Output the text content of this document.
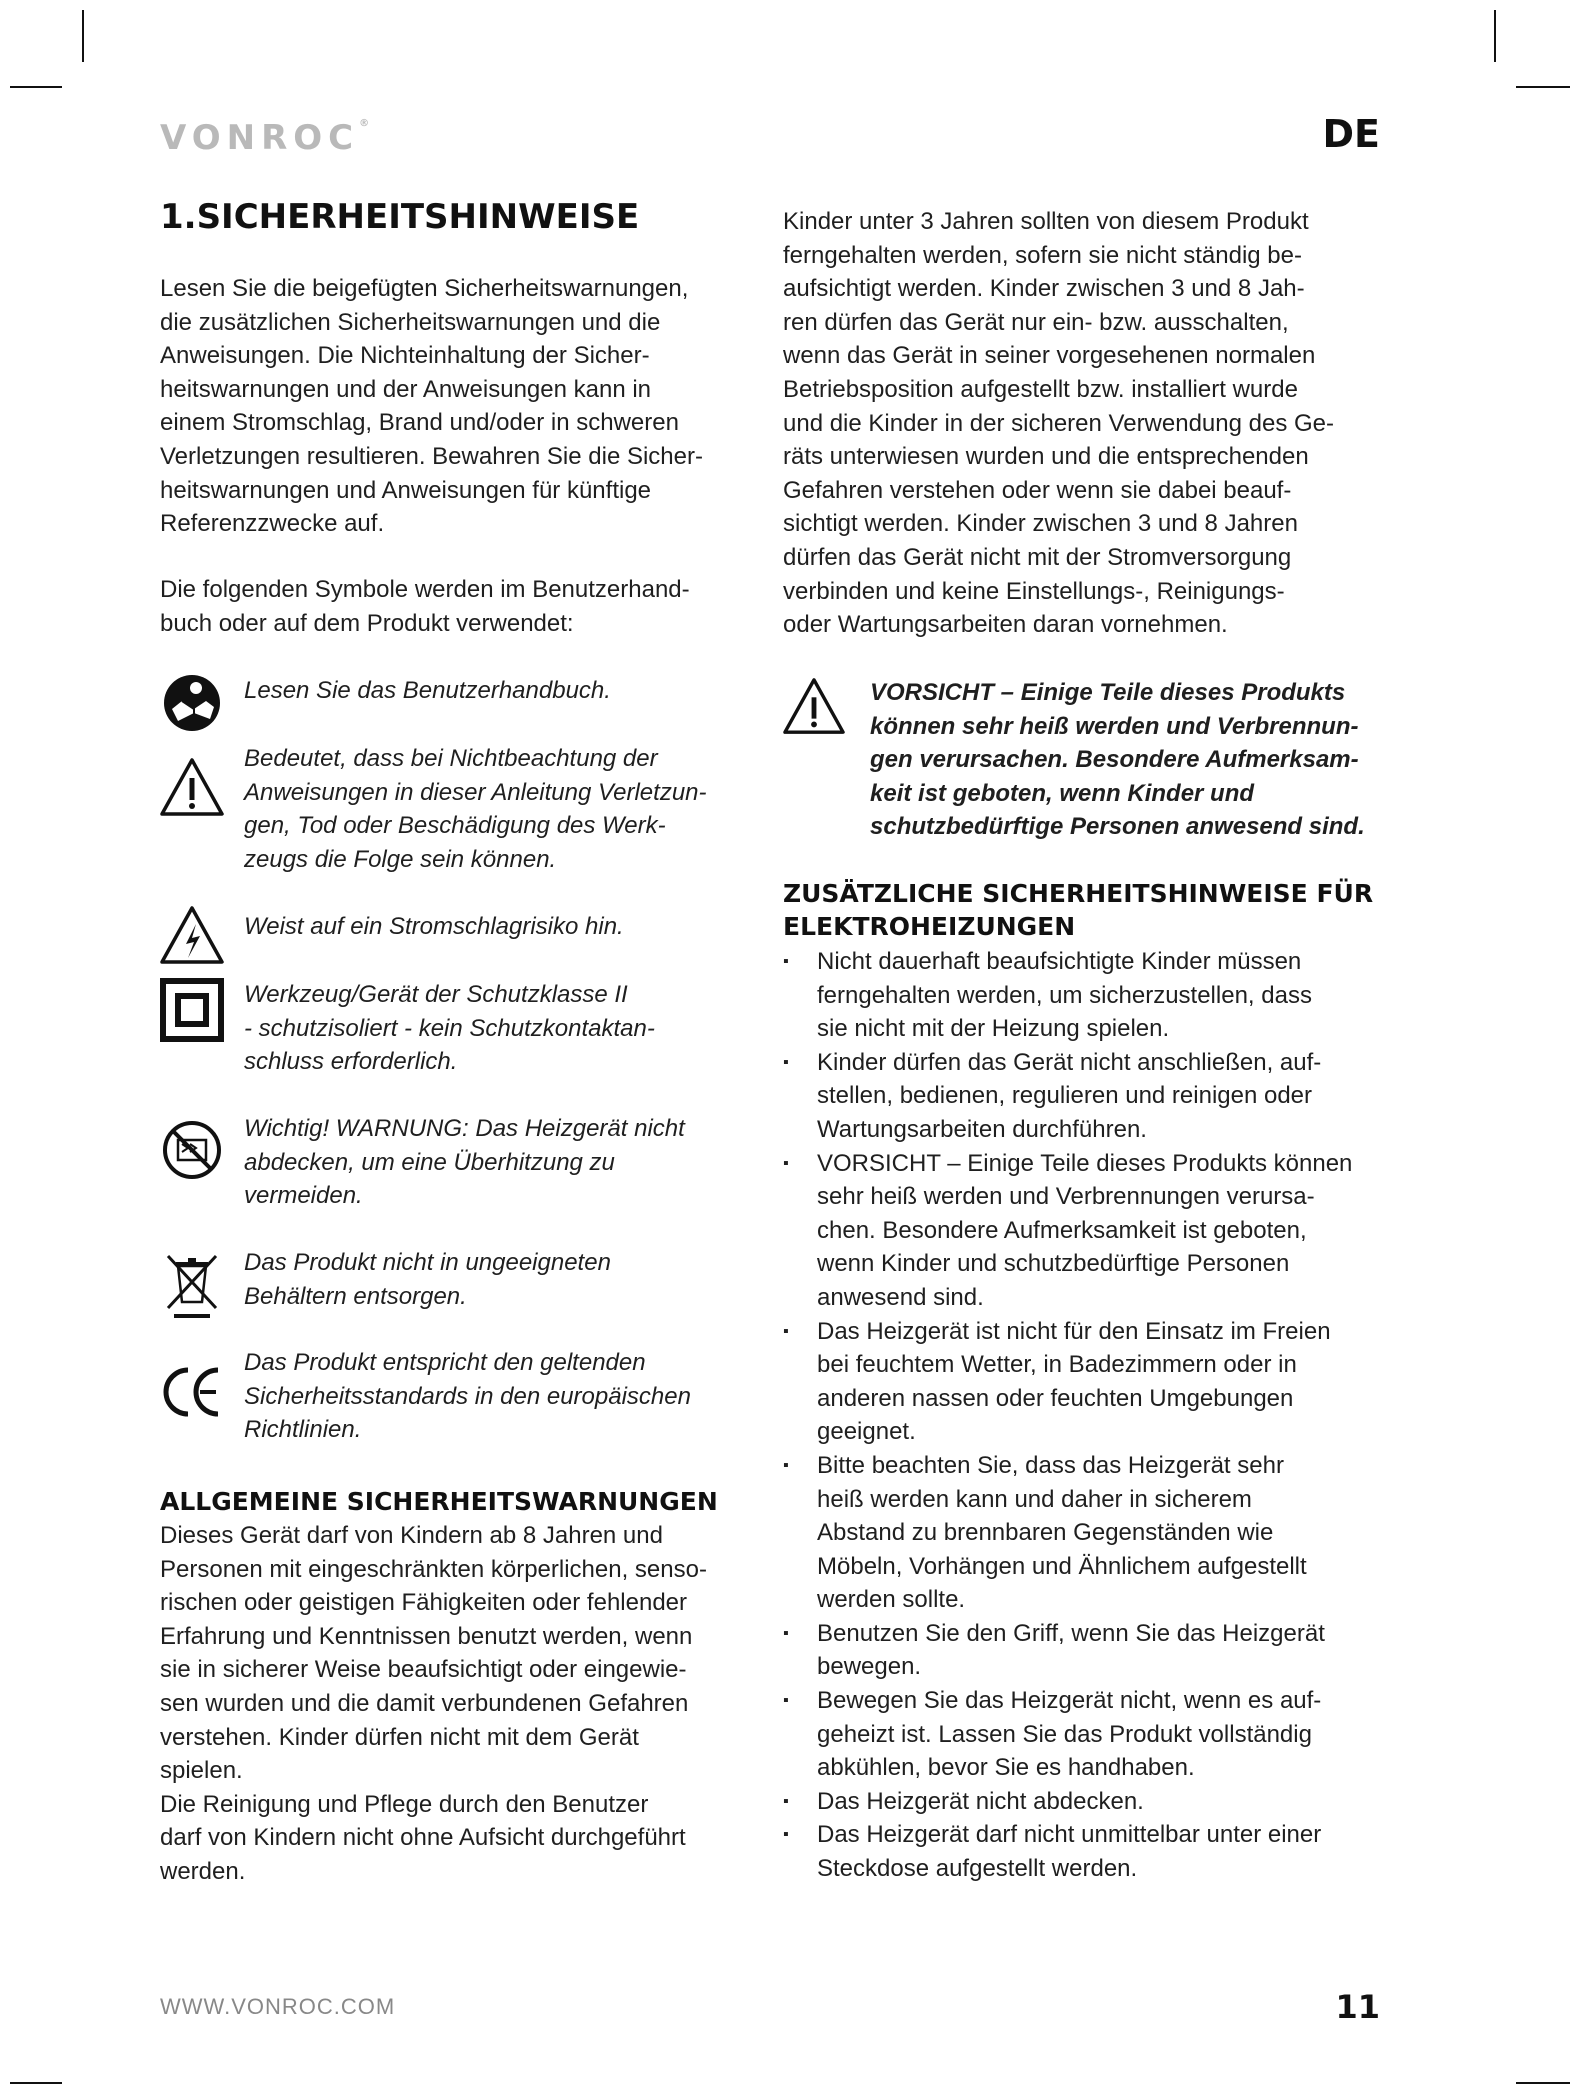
VONROC®	DE
1.SICHERHEITSHINWEISE

Lesen Sie die beigefügten Sicherheitswarnungen,
die zusätzlichen Sicherheitswarnungen und die
Anweisungen. Die Nichteinhaltung der Sicher-
heitswarnungen und der Anweisungen kann in
einem Stromschlag, Brand und/oder in schweren
Verletzungen resultieren. Bewahren Sie die Sicher-
heitswarnungen und Anweisungen für künftige
Referenzzwecke auf.

Die folgenden Symbole werden im Benutzerhand-
buch oder auf dem Produkt verwendet:

Lesen Sie das Benutzerhandbuch.
Bedeutet, dass bei Nichtbeachtung der
Anweisungen in dieser Anleitung Verletzun-
gen, Tod oder Beschädigung des Werk-
zeugs die Folge sein können.
Weist auf ein Stromschlagrisiko hin.
Werkzeug/Gerät der Schutzklasse II
- schutzisoliert - kein Schutzkontaktan-
schluss erforderlich.
Wichtig! WARNUNG: Das Heizgerät nicht
abdecken, um eine Überhitzung zu
vermeiden.
Das Produkt nicht in ungeeigneten
Behältern entsorgen.
Das Produkt entspricht den geltenden
Sicherheitsstandards in den europäischen
Richtlinien.
ALLGEMEINE SICHERHEITSWARNUNGEN

Dieses Gerät darf von Kindern ab 8 Jahren und
Personen mit eingeschränkten körperlichen, senso-
rischen oder geistigen Fähigkeiten oder fehlender
Erfahrung und Kenntnissen benutzt werden, wenn
sie in sicherer Weise beaufsichtigt oder eingewie-
sen wurden und die damit verbundenen Gefahren
verstehen. Kinder dürfen nicht mit dem Gerät
spielen.
Die Reinigung und Pflege durch den Benutzer
darf von Kindern nicht ohne Aufsicht durchgeführt
werden.

Kinder unter 3 Jahren sollten von diesem Produkt
ferngehalten werden, sofern sie nicht ständig be-
aufsichtigt werden. Kinder zwischen 3 und 8 Jah-
ren dürfen das Gerät nur ein- bzw. ausschalten,
wenn das Gerät in seiner vorgesehenen normalen
Betriebsposition aufgestellt bzw. installiert wurde
und die Kinder in der sicheren Verwendung des Ge-
räts unterwiesen wurden und die entsprechenden
Gefahren verstehen oder wenn sie dabei beauf-
sichtigt werden. Kinder zwischen 3 und 8 Jahren
dürfen das Gerät nicht mit der Stromversorgung
verbinden und keine Einstellungs-, Reinigungs-
oder Wartungsarbeiten daran vornehmen.

VORSICHT – Einige Teile dieses Produkts
können sehr heiß werden und Verbrennun-
gen verursachen. Besondere Aufmerksam-
keit ist geboten, wenn Kinder und
schutzbedürftige Personen anwesend sind.
ZUSÄTZLICHE SICHERHEITSHINWEISE FÜR
ELEKTROHEIZUNGEN
▪ Nicht dauerhaft beaufsichtigte Kinder müssen
ferngehalten werden, um sicherzustellen, dass
sie nicht mit der Heizung spielen.
▪ Kinder dürfen das Gerät nicht anschließen, auf-
stellen, bedienen, regulieren und reinigen oder
Wartungsarbeiten durchführen.
▪ VORSICHT – Einige Teile dieses Produkts können
sehr heiß werden und Verbrennungen verursa-
chen. Besondere Aufmerksamkeit ist geboten,
wenn Kinder und schutzbedürftige Personen
anwesend sind.
▪ Das Heizgerät ist nicht für den Einsatz im Freien
bei feuchtem Wetter, in Badezimmern oder in
anderen nassen oder feuchten Umgebungen
geeignet.
▪ Bitte beachten Sie, dass das Heizgerät sehr
heiß werden kann und daher in sicherem
Abstand zu brennbaren Gegenständen wie
Möbeln, Vorhängen und Ähnlichem aufgestellt
werden sollte.
▪ Benutzen Sie den Griff, wenn Sie das Heizgerät
bewegen.
▪ Bewegen Sie das Heizgerät nicht, wenn es auf-
geheizt ist. Lassen Sie das Produkt vollständig
abkühlen, bevor Sie es handhaben.
▪ Das Heizgerät nicht abdecken.
▪ Das Heizgerät darf nicht unmittelbar unter einer
Steckdose aufgestellt werden.
WWW.VONROC.COM	11
